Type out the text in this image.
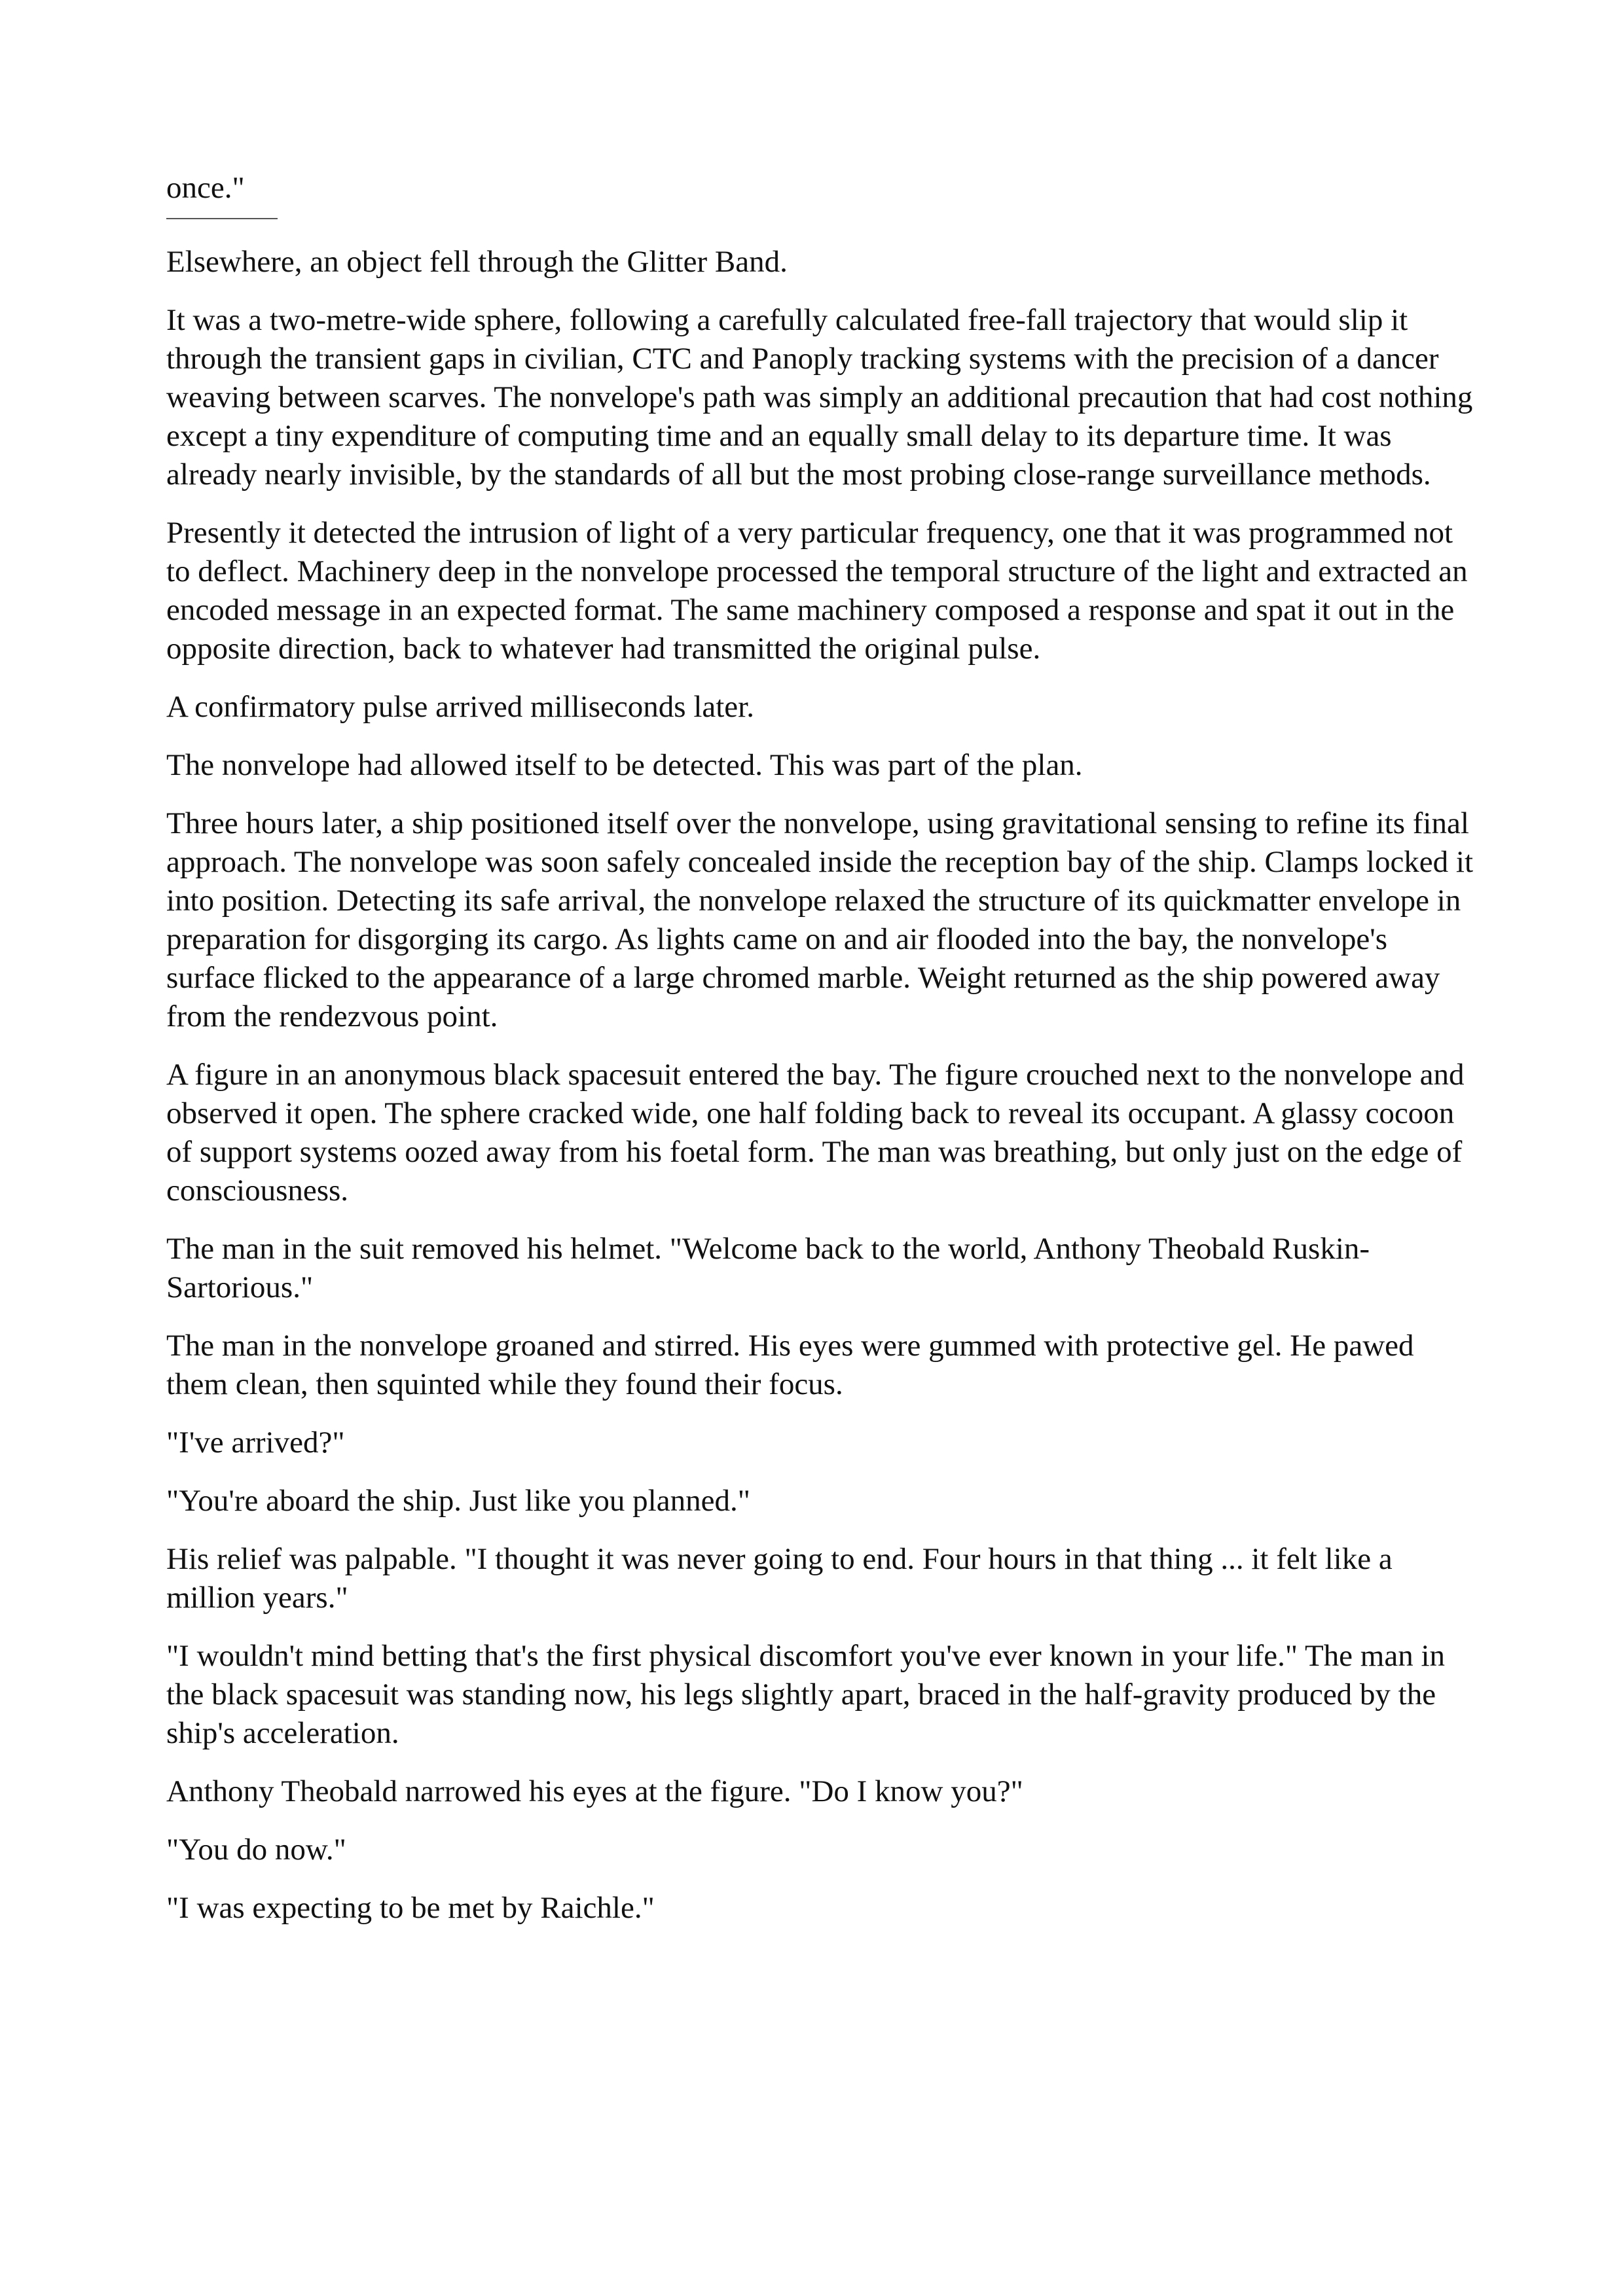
once."

Elsewhere, an object fell through the Glitter Band.

It was a two-metre-wide sphere, following a carefully calculated free-fall trajectory that would slip it through the transient gaps in civilian, CTC and Panoply tracking systems with the precision of a dancer weaving between scarves. The nonvelope's path was simply an additional precaution that had cost nothing except a tiny expenditure of computing time and an equally small delay to its departure time. It was already nearly invisible, by the standards of all but the most probing close-range surveillance methods.

Presently it detected the intrusion of light of a very particular frequency, one that it was programmed not to deflect. Machinery deep in the nonvelope processed the temporal structure of the light and extracted an encoded message in an expected format. The same machinery composed a response and spat it out in the opposite direction, back to whatever had transmitted the original pulse.

A confirmatory pulse arrived milliseconds later.

The nonvelope had allowed itself to be detected. This was part of the plan.

Three hours later, a ship positioned itself over the nonvelope, using gravitational sensing to refine its final approach. The nonvelope was soon safely concealed inside the reception bay of the ship. Clamps locked it into position. Detecting its safe arrival, the nonvelope relaxed the structure of its quickmatter envelope in preparation for disgorging its cargo. As lights came on and air flooded into the bay, the nonvelope's surface flicked to the appearance of a large chromed marble. Weight returned as the ship powered away from the rendezvous point.

A figure in an anonymous black spacesuit entered the bay. The figure crouched next to the nonvelope and observed it open. The sphere cracked wide, one half folding back to reveal its occupant. A glassy cocoon of support systems oozed away from his foetal form. The man was breathing, but only just on the edge of consciousness.

The man in the suit removed his helmet. "Welcome back to the world, Anthony Theobald Ruskin-Sartorious."

The man in the nonvelope groaned and stirred. His eyes were gummed with protective gel. He pawed them clean, then squinted while they found their focus.

"I've arrived?"

"You're aboard the ship. Just like you planned."

His relief was palpable. "I thought it was never going to end. Four hours in that thing ... it felt like a million years."

"I wouldn't mind betting that's the first physical discomfort you've ever known in your life." The man in the black spacesuit was standing now, his legs slightly apart, braced in the half-gravity produced by the ship's acceleration.

Anthony Theobald narrowed his eyes at the figure. "Do I know you?"

"You do now."

"I was expecting to be met by Raichle."
